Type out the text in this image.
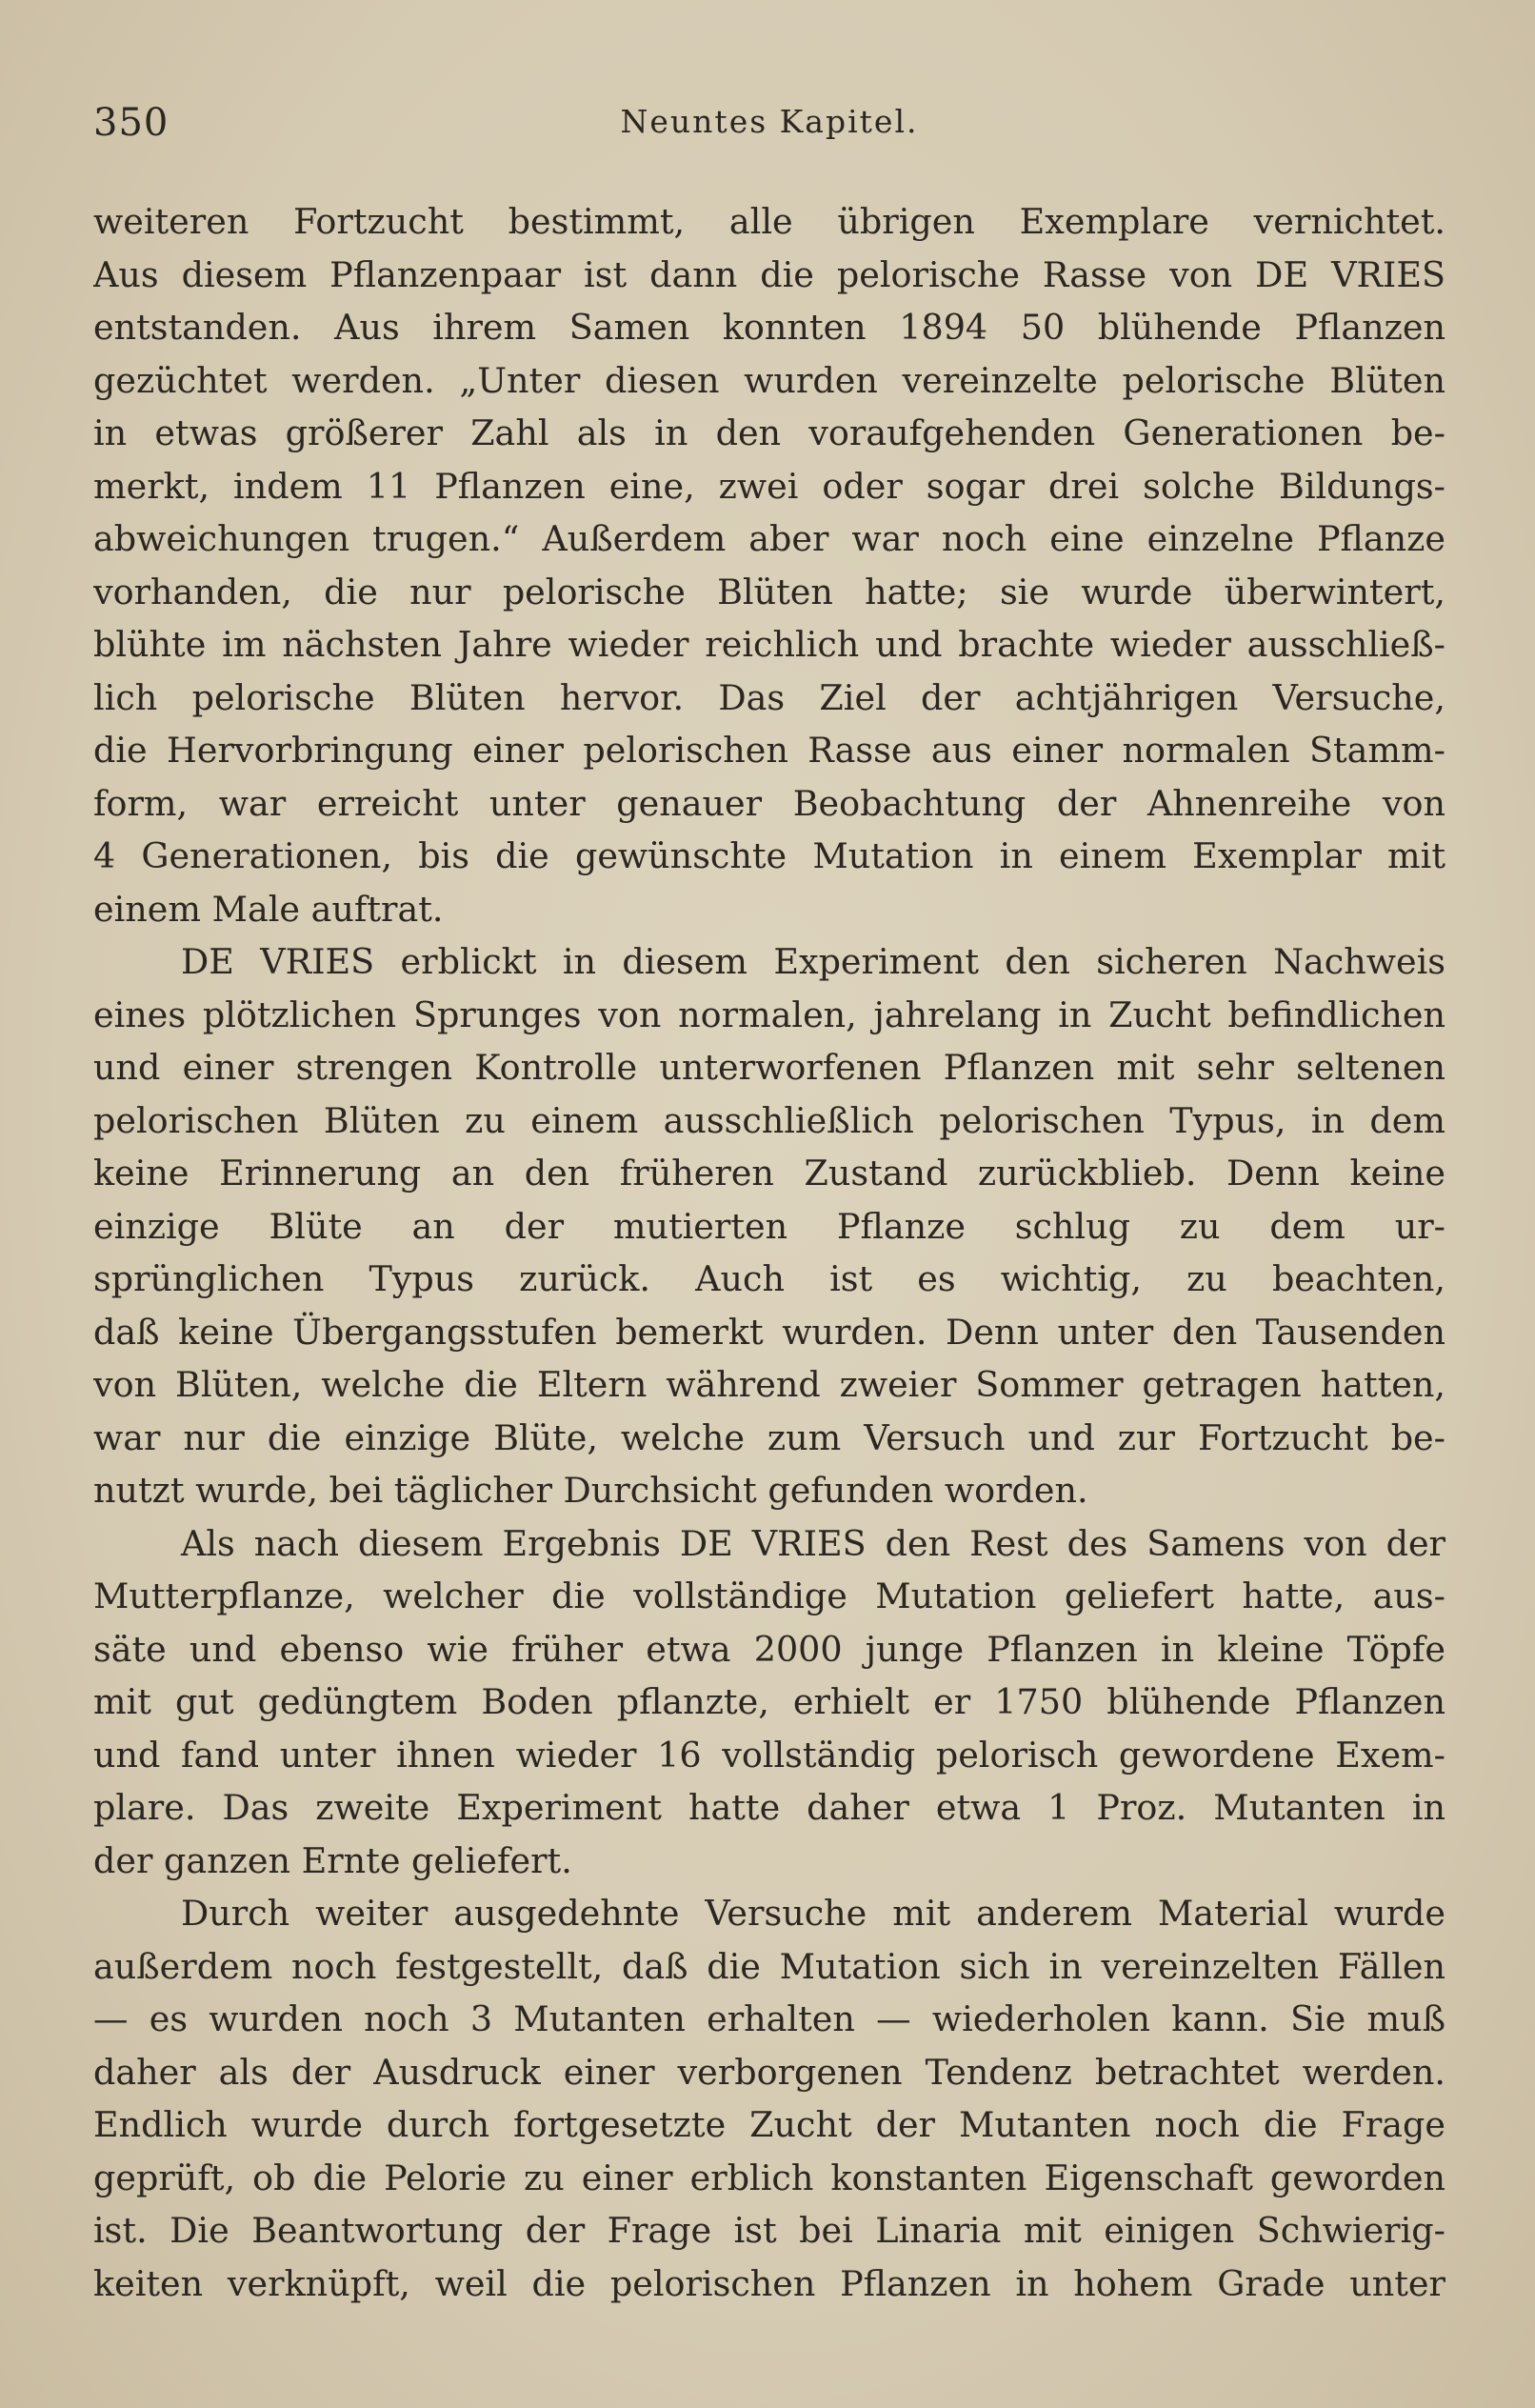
350	Neuntes Kapitel.
weiteren Fortzucht bestimmt, alle übrigen Exemplare vernichtet.
Aus diesem Pflanzenpaar ist dann die pelorische Rasse von DE VRIES
entstanden. Aus ihrem Samen konnten 1894 50 blühende Pflanzen
gezüchtet werden. „Unter diesen wurden vereinzelte pelorische Blüten
in etwas größerer Zahl als in den voraufgehenden Generationen be-
merkt, indem 11 Pflanzen eine, zwei oder sogar drei solche Bildungs-
abweichungen trugen.“ Außerdem aber war noch eine einzelne Pflanze
vorhanden, die nur pelorische Blüten hatte; sie wurde überwintert,
blühte im nächsten Jahre wieder reichlich und brachte wieder ausschließ-
lich pelorische Blüten hervor. Das Ziel der achtjährigen Versuche,
die Hervorbringung einer pelorischen Rasse aus einer normalen Stamm-
form, war erreicht unter genauer Beobachtung der Ahnenreihe von
4 Generationen, bis die gewünschte Mutation in einem Exemplar mit
einem Male auftrat.
DE VRIES erblickt in diesem Experiment den sicheren Nachweis
eines plötzlichen Sprunges von normalen, jahrelang in Zucht befindlichen
und einer strengen Kontrolle unterworfenen Pflanzen mit sehr seltenen
pelorischen Blüten zu einem ausschließlich pelorischen Typus, in dem
keine Erinnerung an den früheren Zustand zurückblieb. Denn keine
einzige Blüte an der mutierten Pflanze schlug zu dem ur-
sprünglichen Typus zurück. Auch ist es wichtig, zu beachten,
daß keine Übergangsstufen bemerkt wurden. Denn unter den Tausenden
von Blüten, welche die Eltern während zweier Sommer getragen hatten,
war nur die einzige Blüte, welche zum Versuch und zur Fortzucht be-
nutzt wurde, bei täglicher Durchsicht gefunden worden.
Als nach diesem Ergebnis DE VRIES den Rest des Samens von der
Mutterpflanze, welcher die vollständige Mutation geliefert hatte, aus-
säte und ebenso wie früher etwa 2000 junge Pflanzen in kleine Töpfe
mit gut gedüngtem Boden pflanzte, erhielt er 1750 blühende Pflanzen
und fand unter ihnen wieder 16 vollständig pelorisch gewordene Exem-
plare. Das zweite Experiment hatte daher etwa 1 Proz. Mutanten in
der ganzen Ernte geliefert.
Durch weiter ausgedehnte Versuche mit anderem Material wurde
außerdem noch festgestellt, daß die Mutation sich in vereinzelten Fällen
— es wurden noch 3 Mutanten erhalten — wiederholen kann. Sie muß
daher als der Ausdruck einer verborgenen Tendenz betrachtet werden.
Endlich wurde durch fortgesetzte Zucht der Mutanten noch die Frage
geprüft, ob die Pelorie zu einer erblich konstanten Eigenschaft geworden
ist. Die Beantwortung der Frage ist bei Linaria mit einigen Schwierig-
keiten verknüpft, weil die pelorischen Pflanzen in hohem Grade unter
